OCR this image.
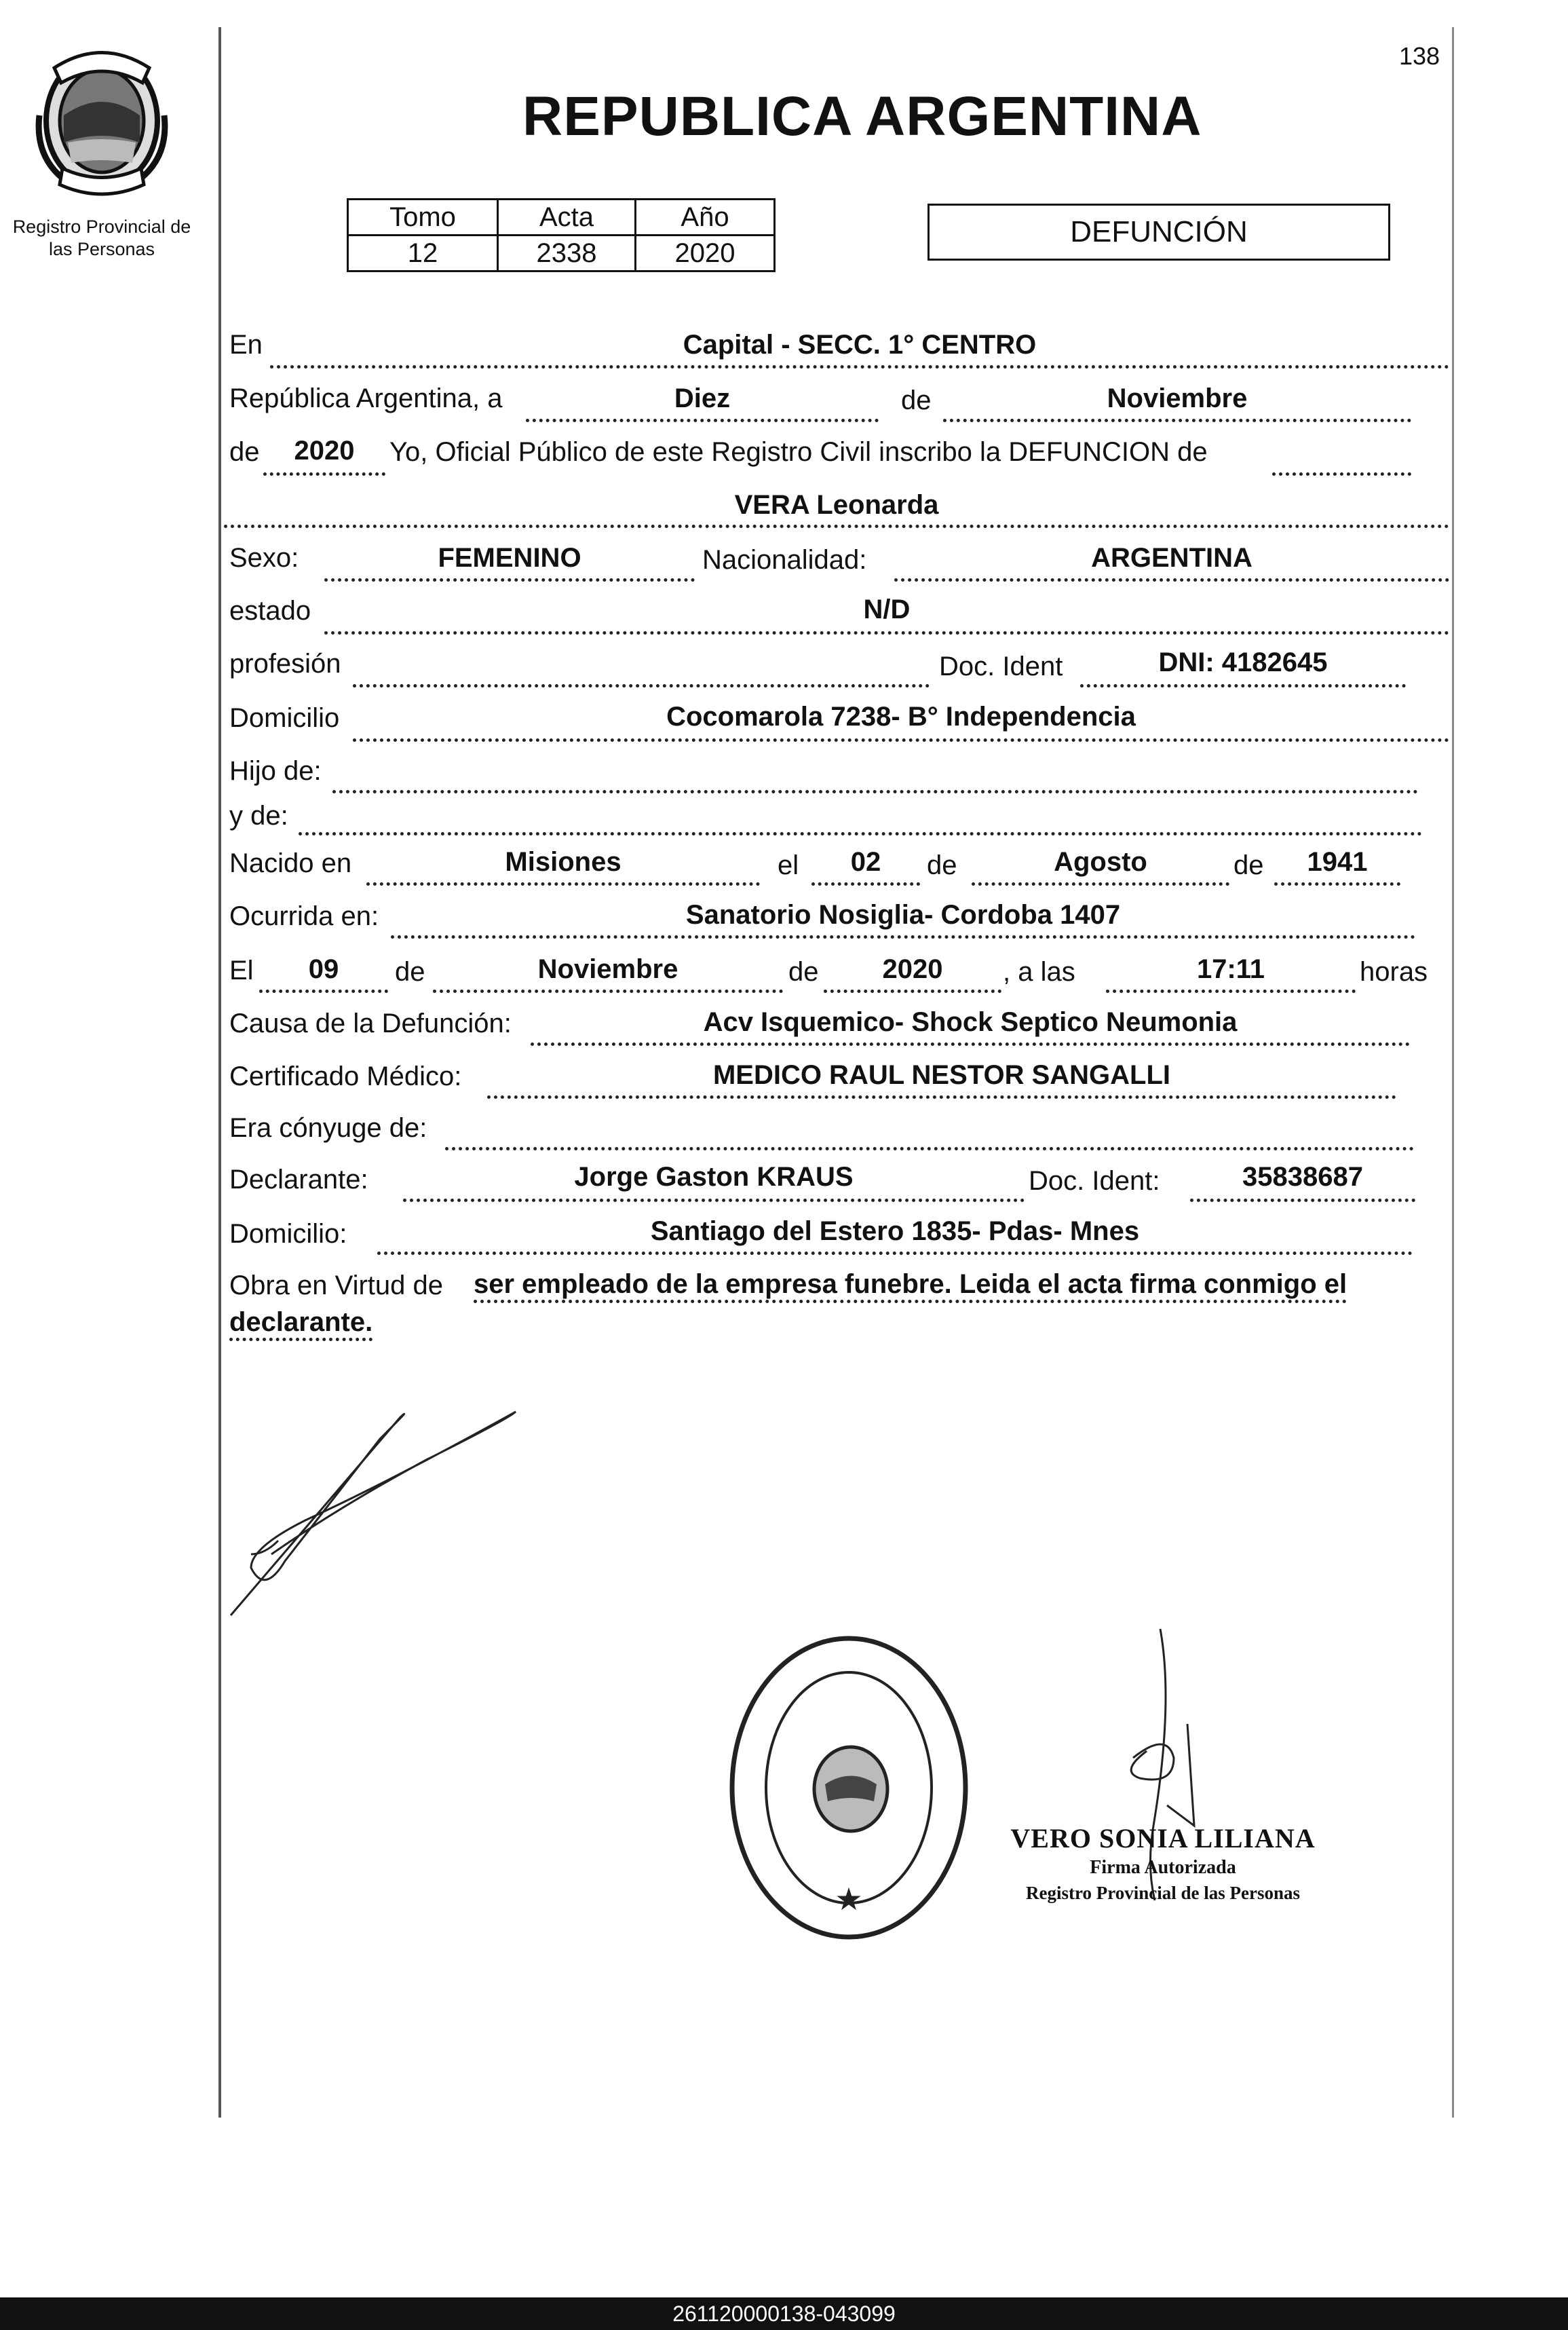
138
Registro Provincial de
las Personas
REPUBLICA ARGENTINA
Tomo	Acta	Año
12	2338	2020
DEFUNCIÓN
En	Capital - SECC. 1° CENTRO
República Argentina, a	Diez	de	Noviembre
de	2020	Yo, Oficial Público de este Registro Civil inscribo la DEFUNCION de
VERA Leonarda
Sexo:	FEMENINO	Nacionalidad:	ARGENTINA
estado	N/D
profesión	Doc. Ident	DNI: 4182645
Domicilio	Cocomarola 7238- B° Independencia
Hijo de:
y de:
Nacido en	Misiones	el	02	de	Agosto	de	1941
Ocurrida en:	Sanatorio Nosiglia- Cordoba 1407
El	09	de	Noviembre	de	2020	, a las	17:11	horas
Causa de la Defunción:	Acv Isquemico- Shock Septico Neumonia
Certificado Médico:	MEDICO RAUL NESTOR SANGALLI
Era cónyuge de:
Declarante:	Jorge Gaston KRAUS	Doc. Ident:	35838687
Domicilio:	Santiago del Estero 1835- Pdas- Mnes
Obra en Virtud de ser empleado de la empresa funebre. Leida el acta firma conmigo el
declarante.
★
VERO SONIA LILIANA
Firma Autorizada
Registro Provincial de las Personas
261120000138-043099
